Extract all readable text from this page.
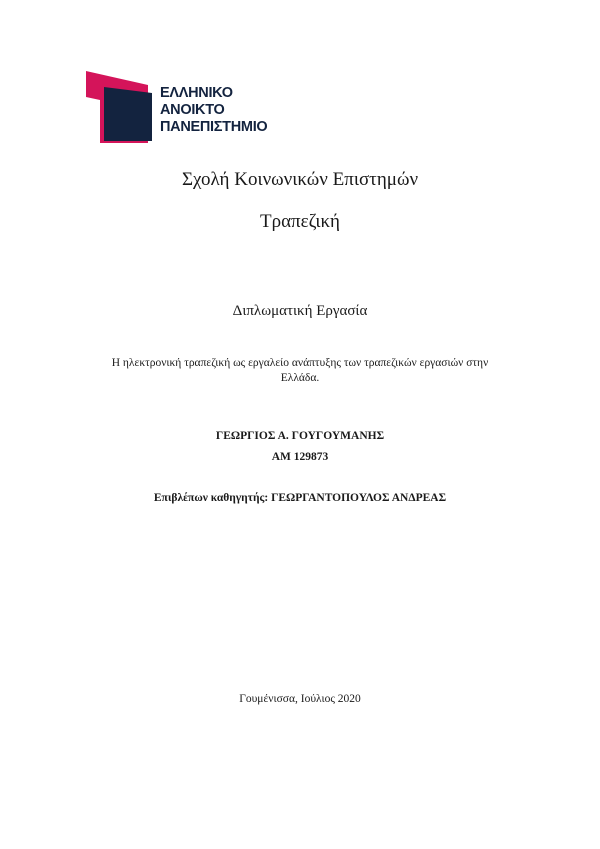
ΕΛΛΗΝΙΚΟ
ΑΝΟΙΚΤΟ
ΠΑΝΕΠΙΣΤΗΜΙΟ
Σχολή Κοινωνικών Επιστημών
Τραπεζική
Διπλωματική Εργασία
Η ηλεκτρονική τραπεζική ως εργαλείο ανάπτυξης των τραπεζικών εργασιών στην Ελλάδα.
ΓΕΩΡΓΙΟΣ Α. ΓΟΥΓΟΥΜΑΝΗΣ
ΑΜ 129873
Επιβλέπων καθηγητής: ΓΕΩΡΓΑΝΤΟΠΟΥΛΟΣ ΑΝΔΡΕΑΣ
Γουμένισσα, Ιούλιος 2020
